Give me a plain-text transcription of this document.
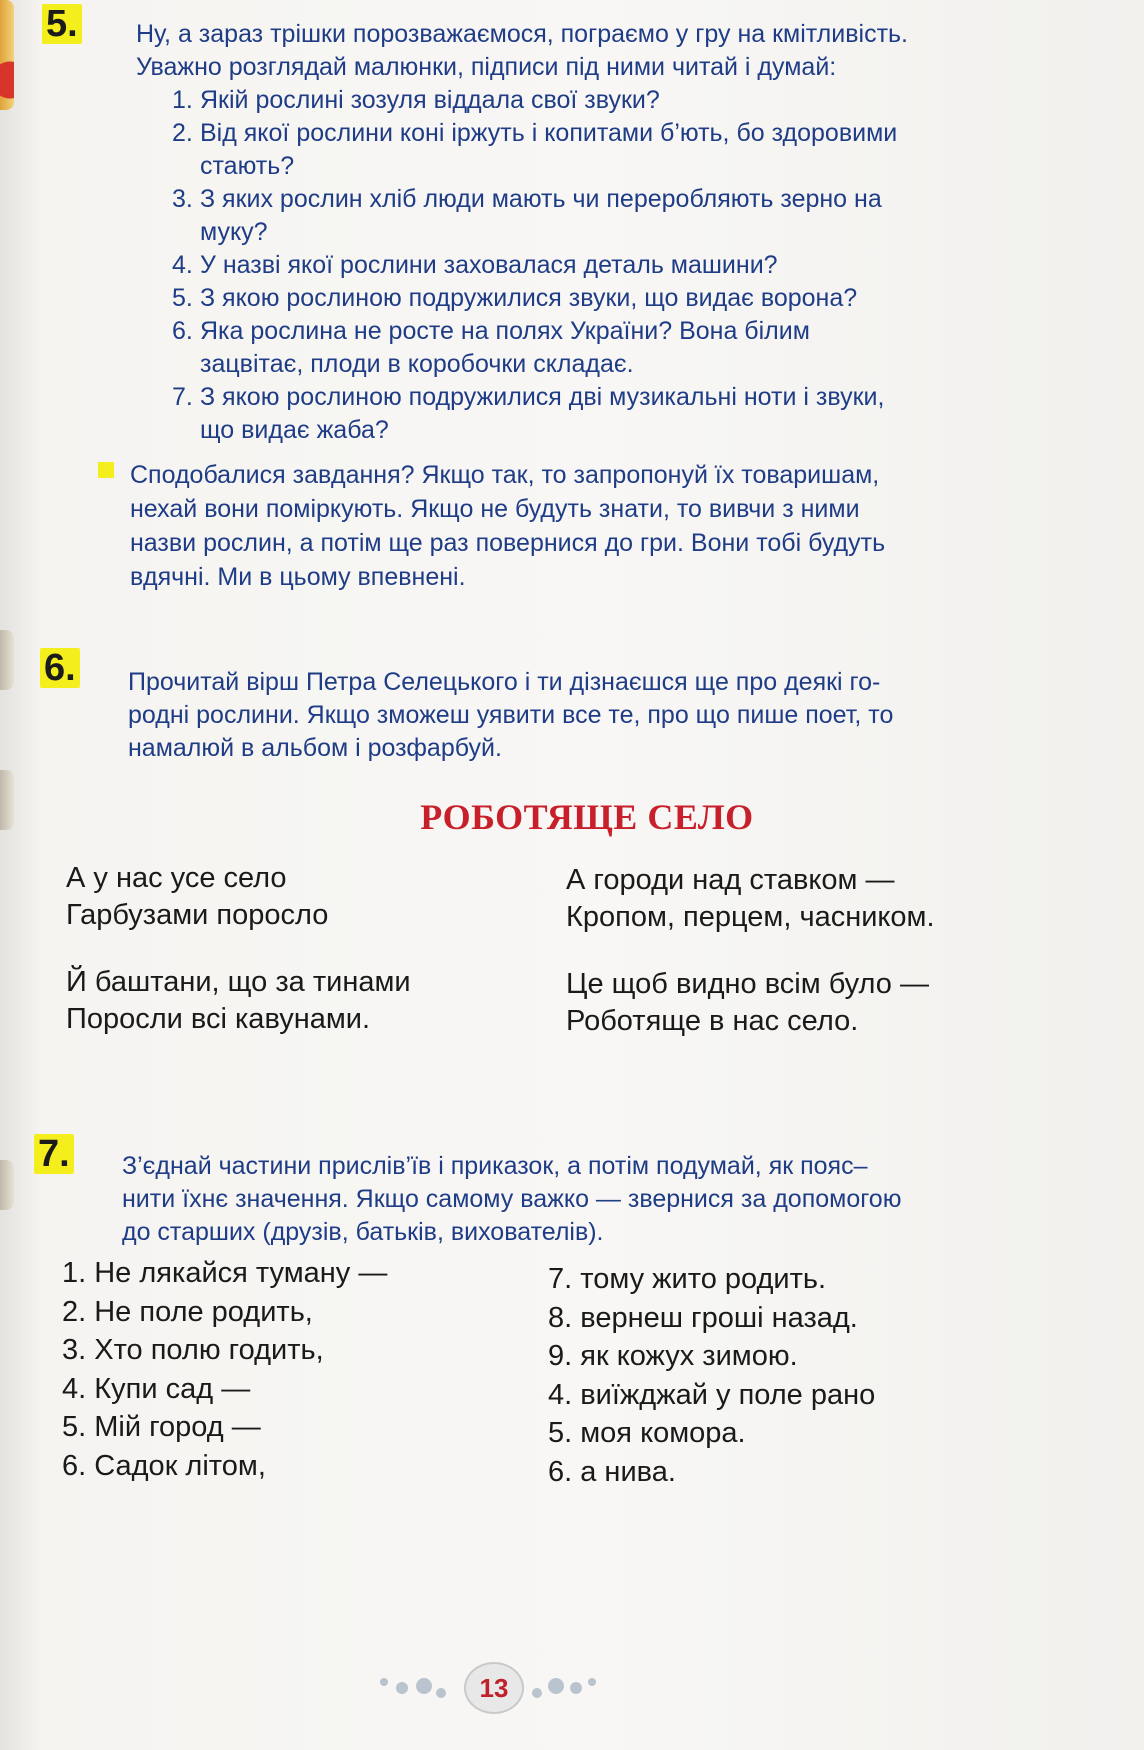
5. Ну, а зараз трішки порозважаємося, пограємо у гру на кмітливість.

Уважно розглядай малюнки, підписи під ними читай і думай:

1. Якій рослині зозуля віддала свої звуки?
2. Від якої рослини коні іржуть і копитами б’ють, бо здоровими
стають?
3. З яких рослин хліб люди мають чи переробляють зерно на
муку?
4. У назві якої рослини заховалася деталь машини?
5. З якою рослиною подружилися звуки, що видає ворона?
6. Яка рослина не росте на полях України? Вона білим
зацвітає, плоди в коробочки складає.
7. З якою рослиною подружилися дві музикальні ноти і звуки,
що видає жаба?

Сподобалися завдання? Якщо так, то запропонуй їх товаришам,

нехай вони поміркують. Якщо не будуть знати, то вивчи з ними

назви рослин, а потім ще раз повернися до гри. Вони тобі будуть

вдячні. Ми в цьому впевнені.

6. Прочитай вірш Петра Селецького і ти дізнаєшся ще про деякі го-

родні рослини. Якщо зможеш уявити все те, про що пише поет, то

намалюй в альбом і розфарбуй.

РОБОТЯЩЕ СЕЛО
А у нас усе село
Гарбузами поросло
Й баштани, що за тинами
Поросли всі кавунами.
А городи над ставком —
Кропом, перцем, часником.
Це щоб видно всім було —
Роботяще в нас село.
7. З’єднай частини прислів’їв і приказок, а потім подумай, як пояс–

нити їхнє значення. Якщо самому важко — звернися за допомогою

до старших (друзів, батьків, вихователів).

1. Не лякайся туману —
2. Не поле родить,
3. Хто полю годить,
4. Купи сад —
5. Мій город —
6. Садок літом,
7. тому жито родить.
8. вернеш гроші назад.
9. як кожух зимою.
4. виїжджай у поле рано
5. моя комора.
6. а нива.
13
